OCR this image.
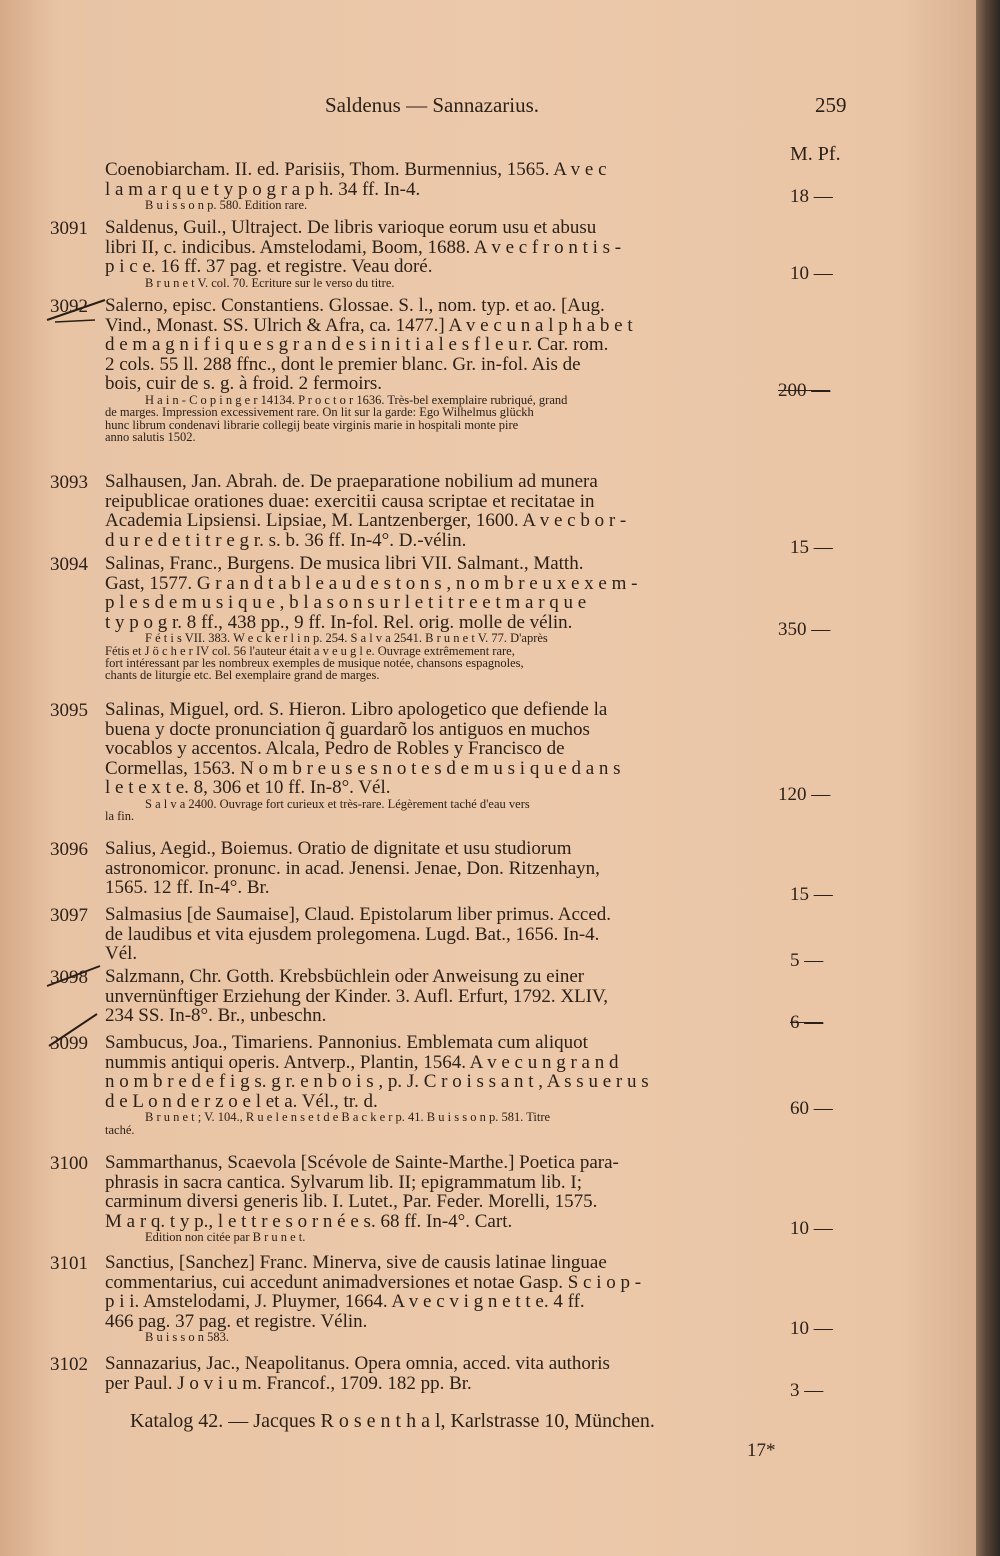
Saldenus — Sannazarius.	259
M. Pf.
Coenobiarcham. II. ed. Parisiis, Thom. Burmennius, 1565. A v e c
l a m a r q u e t y p o g r a p h. 34 ff. In-4.
B u i s s o n p. 580. Edition rare.	18 —
3091 Saldenus, Guil., Ultraject. De libris varioque eorum usu et abusu
libri II, c. indicibus. Amstelodami, Boom, 1688. A v e c f r o n t i s -
p i c e. 16 ff. 37 pag. et registre. Veau doré.
B r u n e t V. col. 70. Ecriture sur le verso du titre.	10 —
3092 Salerno, episc. Constantiens. Glossae. S. l., nom. typ. et ao. [Aug.
Vind., Monast. SS. Ulrich & Afra, ca. 1477.] A v e c u n a l p h a b e t
d e m a g n i f i q u e s g r a n d e s i n i t i a l e s f l e u r. Car. rom.
2 cols. 55 ll. 288 ffnc., dont le premier blanc. Gr. in-fol. Ais de
bois, cuir de s. g. à froid. 2 fermoirs.
H a i n - C o p i n g e r 14134. P r o c t o r 1636. Très-bel exemplaire rubriqué, grand
de marges. Impression excessivement rare. On lit sur la garde: Ego Wilhelmus glückh
hunc librum condenavi librarie collegij beate virginis marie in hospitali monte pire
anno salutis 1502.
200 —
3093 Salhausen, Jan. Abrah. de. De praeparatione nobilium ad munera
reipublicae orationes duae: exercitii causa scriptae et recitatae in
Academia Lipsiensi. Lipsiae, M. Lantzenberger, 1600. A v e c b o r -
d u r e d e t i t r e g r. s. b. 36 ff. In-4°. D.-vélin.	15 —
3094 Salinas, Franc., Burgens. De musica libri VII. Salmant., Matth.
Gast, 1577. G r a n d t a b l e a u d e s t o n s , n o m b r e u x e x e m -
p l e s d e m u s i q u e , b l a s o n s u r l e t i t r e e t m a r q u e
t y p o g r. 8 ff., 438 pp., 9 ff. In-fol. Rel. orig. molle de vélin.
F é t i s VII. 383. W e c k e r l i n p. 254. S a l v a 2541. B r u n e t V. 77. D'après
Fétis et J ö c h e r IV col. 56 l'auteur était a v e u g l e. Ouvrage extrêmement rare,
fort intéressant par les nombreux exemples de musique notée, chansons espagnoles,
chants de liturgie etc. Bel exemplaire grand de marges.
350 —
3095 Salinas, Miguel, ord. S. Hieron. Libro apologetico que defiende la
buena y docte pronunciation q̃ guardarõ los antiguos en muchos
vocablos y accentos. Alcala, Pedro de Robles y Francisco de
Cormellas, 1563. N o m b r e u s e s n o t e s d e m u s i q u e d a n s
l e t e x t e. 8, 306 et 10 ff. In-8°. Vél.
S a l v a 2400. Ouvrage fort curieux et très-rare. Légèrement taché d'eau vers
la fin.
120 —
3096 Salius, Aegid., Boiemus. Oratio de dignitate et usu studiorum
astronomicor. pronunc. in acad. Jenensi. Jenae, Don. Ritzenhayn,
1565. 12 ff. In-4°. Br.	15 —
3097 Salmasius [de Saumaise], Claud. Epistolarum liber primus. Acced.
de laudibus et vita ejusdem prolegomena. Lugd. Bat., 1656. In-4.
Vél.	5 —
3098 Salzmann, Chr. Gotth. Krebsbüchlein oder Anweisung zu einer
unvernünftiger Erziehung der Kinder. 3. Aufl. Erfurt, 1792. XLIV,
234 SS. In-8°. Br., unbeschn.	6 —
3099 Sambucus, Joa., Timariens. Pannonius. Emblemata cum aliquot
nummis antiqui operis. Antverp., Plantin, 1564. A v e c u n g r a n d
n o m b r e d e f i g s. g r. e n b o i s , p. J. C r o i s s a n t , A s s u e r u s
d e L o n d e r z o e l et a. Vél., tr. d.
B r u n e t ; V. 104., R u e l e n s e t d e B a c k e r p. 41. B u i s s o n p. 581. Titre
taché.
60 —
3100 Sammarthanus, Scaevola [Scévole de Sainte-Marthe.] Poetica para-
phrasis in sacra cantica. Sylvarum lib. II; epigrammatum lib. I;
carminum diversi generis lib. I. Lutet., Par. Feder. Morelli, 1575.
M a r q. t y p., l e t t r e s o r n é e s. 68 ff. In-4°. Cart.
Edition non citée par B r u n e t.	10 —
3101 Sanctius, [Sanchez] Franc. Minerva, sive de causis latinae linguae
commentarius, cui accedunt animadversiones et notae Gasp. S c i o p -
p i i. Amstelodami, J. Pluymer, 1664. A v e c v i g n e t t e. 4 ff.
466 pag. 37 pag. et registre. Vélin.
B u i s s o n 583.	10 —
3102 Sannazarius, Jac., Neapolitanus. Opera omnia, acced. vita authoris
per Paul. J o v i u m. Francof., 1709. 182 pp. Br.	3 —
Katalog 42. — Jacques R o s e n t h a l, Karlstrasse 10, München.
17*
